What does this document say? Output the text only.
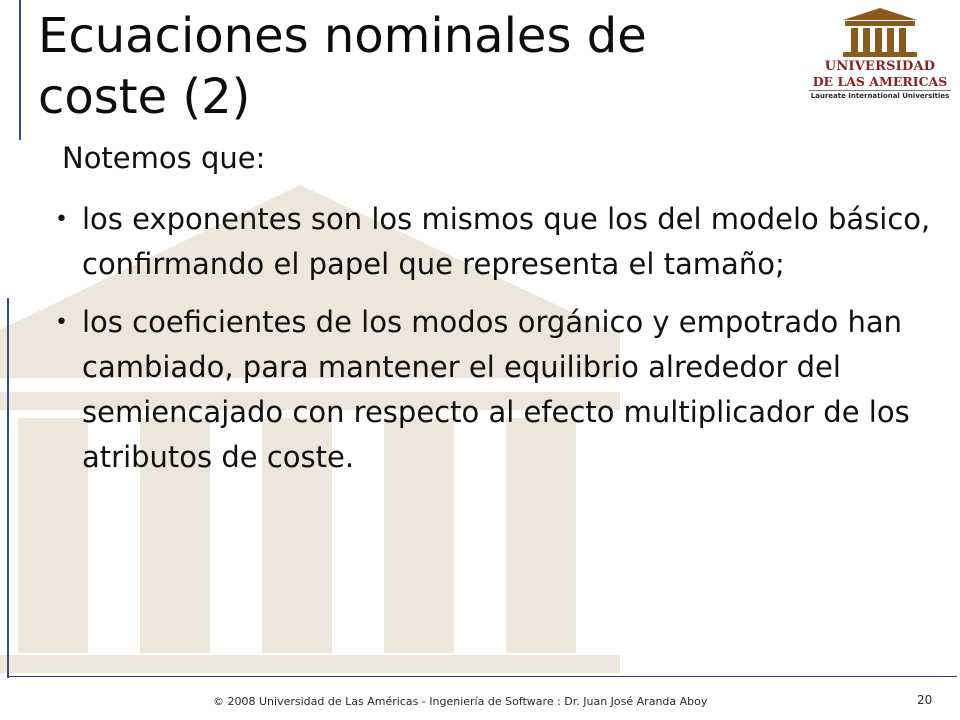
Ecuaciones nominales de coste (2)
UNIVERSIDAD
DE LAS AMERICAS
Laureate International Universities

Notemos que:

• los exponentes son los mismos que los del modelo básico, confirmando el papel que representa el tamaño;
• los coeficientes de los modos orgánico y empotrado han cambiado, para mantener el equilibrio alrededor del semiencajado con respecto al efecto multiplicador de los atributos de coste.
© 2008 Universidad de Las Américas - Ingeniería de Software : Dr. Juan José Aranda Aboy	20
